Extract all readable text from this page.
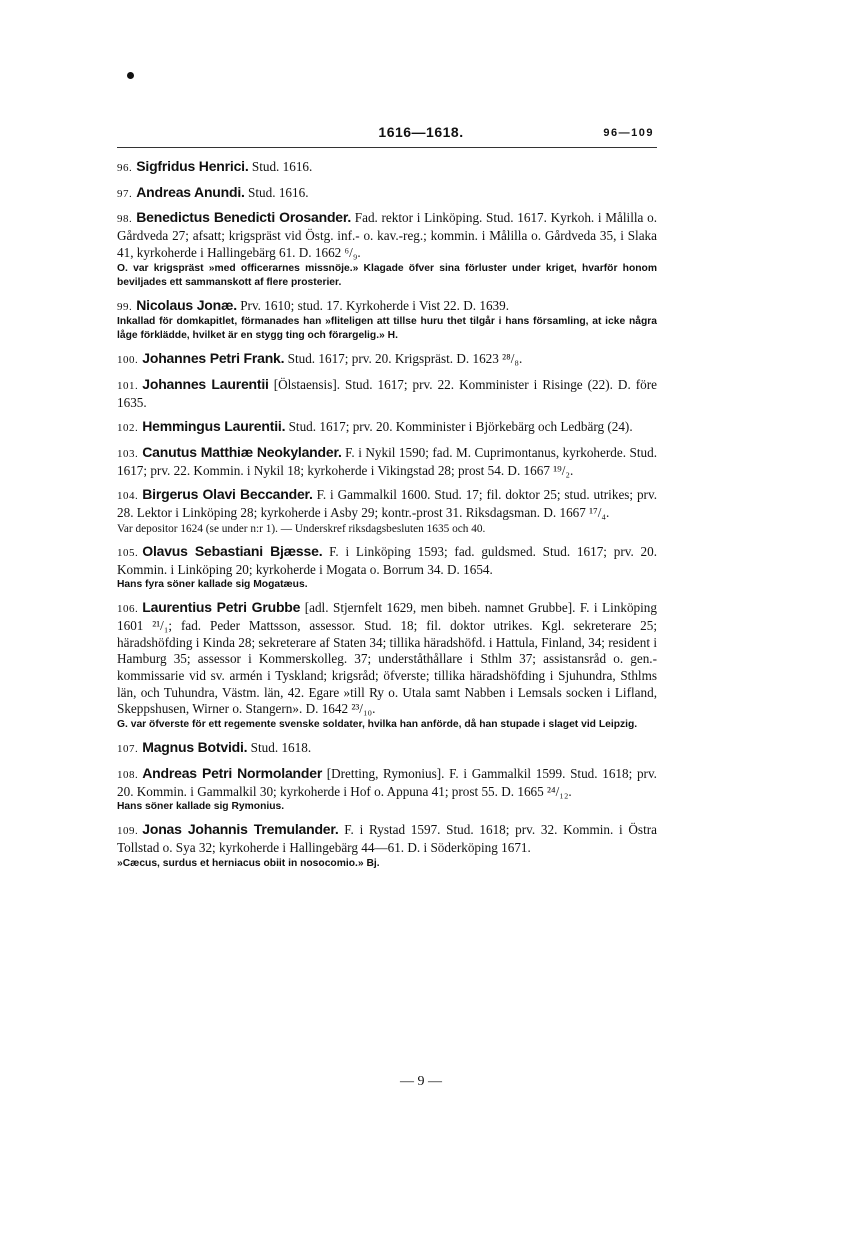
1616—1618.	96—109

96. Sigfridus Henrici. Stud. 1616.

97. Andreas Anundi. Stud. 1616.

98. Benedictus Benedicti Orosander. Fad. rektor i Linköping. Stud. 1617. Kyrkoh. i Målilla o. Gårdveda 27; afsatt; krigspräst vid Östg. inf.- o. kav.-reg.; kommin. i Målilla o. Gårdveda 35, i Slaka 41, kyrkoherde i Hallingebärg 61. D. 1662 ⁶/₉.

O. var krigspräst »med officerarnes missnöje.» Klagade öfver sina förluster under kriget, hvarför honom beviljades ett sammanskott af flere prosterier.

99. Nicolaus Jonæ. Prv. 1610; stud. 17. Kyrkoherde i Vist 22. D. 1639.

Inkallad för domkapitlet, förmanades han »fliteligen att tillse huru thet tilgår i hans församling, at icke några låge förklädde, hvilket är en stygg ting och förargelig.» H.

100. Johannes Petri Frank. Stud. 1617; prv. 20. Krigspräst. D. 1623 ²⁸/₈.

101. Johannes Laurentii [Ölstaensis]. Stud. 1617; prv. 22. Komminister i Risinge (22). D. före 1635.

102. Hemmingus Laurentii. Stud. 1617; prv. 20. Komminister i Björkebärg och Ledbärg (24).

103. Canutus Matthiæ Neokylander. F. i Nykil 1590; fad. M. Cuprimontanus, kyrkoherde. Stud. 1617; prv. 22. Kommin. i Nykil 18; kyrkoherde i Vikingstad 28; prost 54. D. 1667 ¹⁹/₂.

104. Birgerus Olavi Beccander. F. i Gammalkil 1600. Stud. 17; fil. doktor 25; stud. utrikes; prv. 28. Lektor i Linköping 28; kyrkoherde i Asby 29; kontr.-prost 31. Riksdagsman. D. 1667 ¹⁷/₄.

Var depositor 1624 (se under n:r 1). — Underskref riksdagsbesluten 1635 och 40.

105. Olavus Sebastiani Bjæsse. F. i Linköping 1593; fad. guldsmed. Stud. 1617; prv. 20. Kommin. i Linköping 20; kyrkoherde i Mogata o. Borrum 34. D. 1654.

Hans fyra söner kallade sig Mogatæus.

106. Laurentius Petri Grubbe [adl. Stjernfelt 1629, men bibeh. namnet Grubbe]. F. i Linköping 1601 ²¹/₁; fad. Peder Mattsson, assessor. Stud. 18; fil. doktor utrikes. Kgl. sekreterare 25; häradshöfding i Kinda 28; sekreterare af Staten 34; tillika häradshöfd. i Hattula, Finland, 34; resident i Hamburg 35; assessor i Kommerskolleg. 37; underståthållare i Sthlm 37; assistansråd o. gen.-kommissarie vid sv. armén i Tyskland; krigsråd; öfverste; tillika häradshöfding i Sjuhundra, Sthlms län, och Tuhundra, Västm. län, 42. Egare »till Ry o. Utala samt Nabben i Lemsals socken i Lifland, Skeppshusen, Wirner o. Stangern». D. 1642 ²³/₁₀.

G. var öfverste för ett regemente svenske soldater, hvilka han anförde, då han stupade i slaget vid Leipzig.

107. Magnus Botvidi. Stud. 1618.

108. Andreas Petri Normolander [Dretting, Rymonius]. F. i Gammalkil 1599. Stud. 1618; prv. 20. Kommin. i Gammalkil 30; kyrkoherde i Hof o. Appuna 41; prost 55. D. 1665 ²⁴/₁₂.

Hans söner kallade sig Rymonius.

109. Jonas Johannis Tremulander. F. i Rystad 1597. Stud. 1618; prv. 32. Kommin. i Östra Tollstad o. Sya 32; kyrkoherde i Hallingebärg 44—61. D. i Söderköping 1671.

»Cæcus, surdus et herniacus obiit in nosocomio.» Bj.

— 9 —
